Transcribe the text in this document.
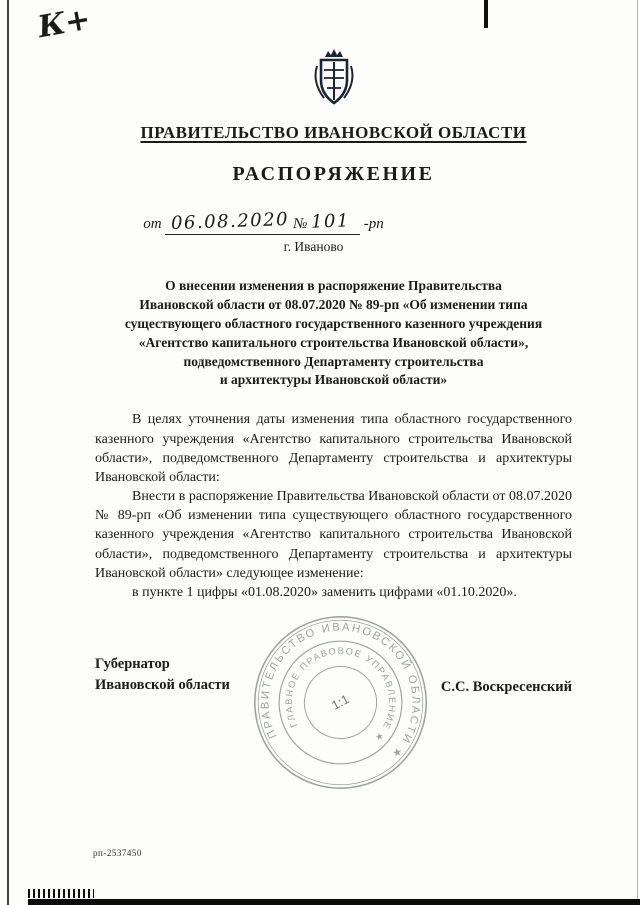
К+
ПРАВИТЕЛЬСТВО ИВАНОВСКОЙ ОБЛАСТИ
РАСПОРЯЖЕНИЕ
от 06.08.2020 № 101 -рп
г. Иваново
О внесении изменения в распоряжение Правительства
Ивановской области от 08.07.2020 № 89-рп «Об изменении типа
существующего областного государственного казенного учреждения
«Агентство капитального строительства Ивановской области»,
подведомственного Департаменту строительства
и архитектуры Ивановской области»

В целях уточнения даты изменения типа областного государственного казенного учреждения «Агентство капитального строительства Ивановской области», подведомственного Департаменту строительства и архитектуры Ивановской области:

Внести в распоряжение Правительства Ивановской области от 08.07.2020 № 89-рп «Об изменении типа существующего областного государственного казенного учреждения «Агентство капитального строительства Ивановской области», подведомственного Департаменту строительства и архитектуры Ивановской области» следующее изменение:

в пункте 1 цифры «01.08.2020» заменить цифрами «01.10.2020».

Губернатор
Ивановской области	С.С. Воскресенский
ПРАВИТЕЛЬСТВО ИВАНОВСКОЙ ОБЛАСТИ ★
ГЛАВНОЕ ПРАВОВОЕ УПРАВЛЕНИЕ ★
1:1
рп-2537450
